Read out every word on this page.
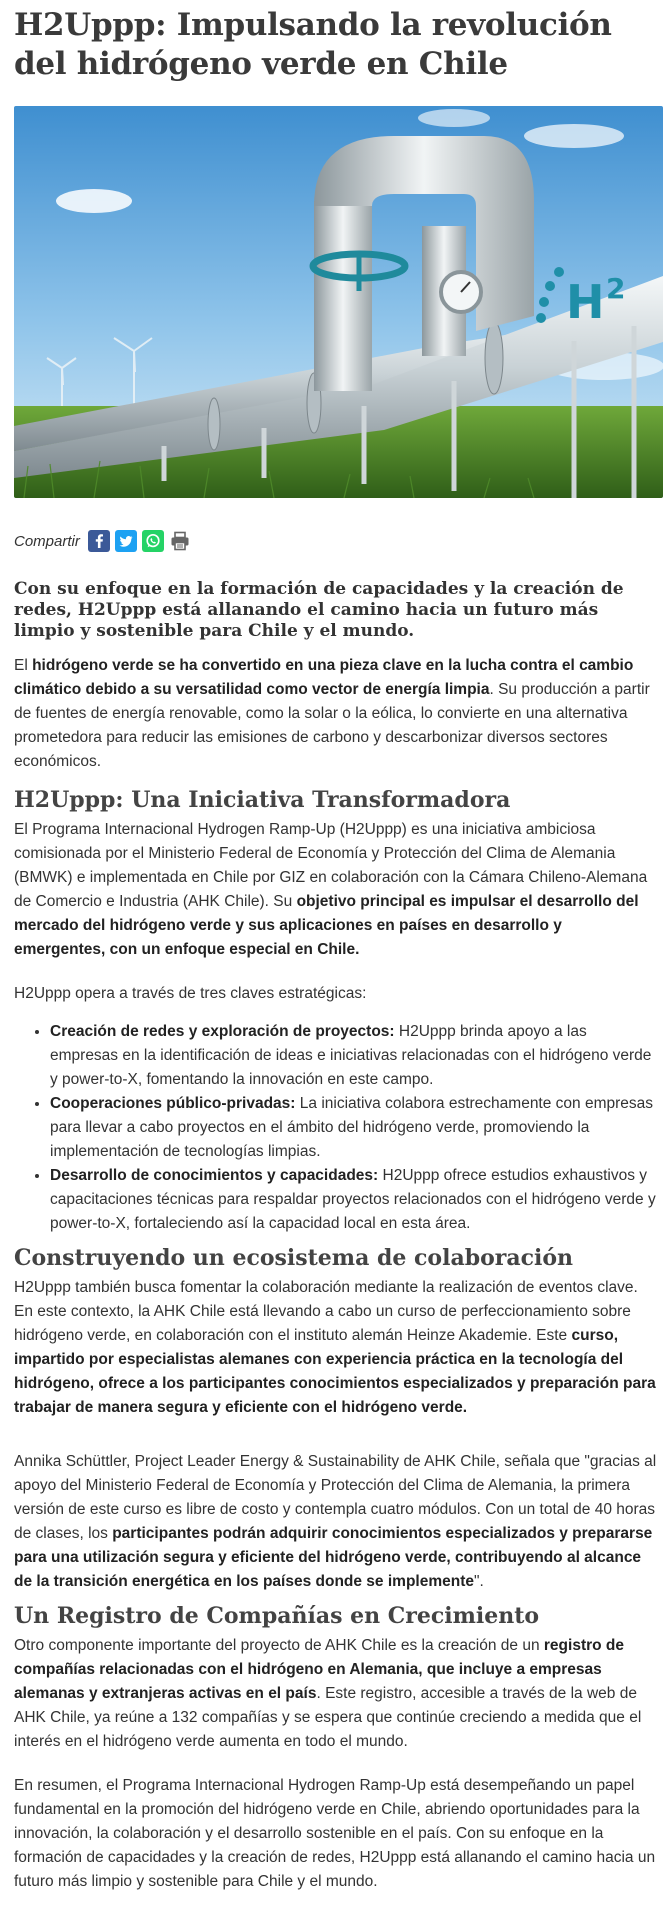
H2Uppp: Impulsando la revolución del hidrógeno verde en Chile
H 2
Compartir

Con su enfoque en la formación de capacidades y la creación de redes, H2Uppp está allanando el camino hacia un futuro más limpio y sostenible para Chile y el mundo.

El hidrógeno verde se ha convertido en una pieza clave en la lucha contra el cambio climático debido a su versatilidad como vector de energía limpia. Su producción a partir de fuentes de energía renovable, como la solar o la eólica, lo convierte en una alternativa prometedora para reducir las emisiones de carbono y descarbonizar diversos sectores económicos.

H2Uppp: Una Iniciativa Transformadora

El Programa Internacional Hydrogen Ramp-Up (H2Uppp) es una iniciativa ambiciosa comisionada por el Ministerio Federal de Economía y Protección del Clima de Alemania (BMWK) e implementada en Chile por GIZ en colaboración con la Cámara Chileno-Alemana de Comercio e Industria (AHK Chile). Su objetivo principal es impulsar el desarrollo del mercado del hidrógeno verde y sus aplicaciones en países en desarrollo y emergentes, con un enfoque especial en Chile.

H2Uppp opera a través de tres claves estratégicas:

• Creación de redes y exploración de proyectos: H2Uppp brinda apoyo a las empresas en la identificación de ideas e iniciativas relacionadas con el hidrógeno verde y power-to-X, fomentando la innovación en este campo.
• Cooperaciones público-privadas: La iniciativa colabora estrechamente con empresas para llevar a cabo proyectos en el ámbito del hidrógeno verde, promoviendo la implementación de tecnologías limpias.
• Desarrollo de conocimientos y capacidades: H2Uppp ofrece estudios exhaustivos y capacitaciones técnicas para respaldar proyectos relacionados con el hidrógeno verde y power-to-X, fortaleciendo así la capacidad local en esta área.
Construyendo un ecosistema de colaboración

H2Uppp también busca fomentar la colaboración mediante la realización de eventos clave. En este contexto, la AHK Chile está llevando a cabo un curso de perfeccionamiento sobre hidrógeno verde, en colaboración con el instituto alemán Heinze Akademie. Este curso, impartido por especialistas alemanes con experiencia práctica en la tecnología del hidrógeno, ofrece a los participantes conocimientos especializados y preparación para trabajar de manera segura y eficiente con el hidrógeno verde.

Annika Schüttler, Project Leader Energy & Sustainability de AHK Chile, señala que "gracias al apoyo del Ministerio Federal de Economía y Protección del Clima de Alemania, la primera versión de este curso es libre de costo y contempla cuatro módulos. Con un total de 40 horas de clases, los participantes podrán adquirir conocimientos especializados y prepararse para una utilización segura y eficiente del hidrógeno verde, contribuyendo al alcance de la transición energética en los países donde se implemente".

Un Registro de Compañías en Crecimiento

Otro componente importante del proyecto de AHK Chile es la creación de un registro de compañías relacionadas con el hidrógeno en Alemania, que incluye a empresas alemanas y extranjeras activas en el país. Este registro, accesible a través de la web de AHK Chile, ya reúne a 132 compañías y se espera que continúe creciendo a medida que el interés en el hidrógeno verde aumenta en todo el mundo.

En resumen, el Programa Internacional Hydrogen Ramp-Up está desempeñando un papel fundamental en la promoción del hidrógeno verde en Chile, abriendo oportunidades para la innovación, la colaboración y el desarrollo sostenible en el país. Con su enfoque en la formación de capacidades y la creación de redes, H2Uppp está allanando el camino hacia un futuro más limpio y sostenible para Chile y el mundo.
